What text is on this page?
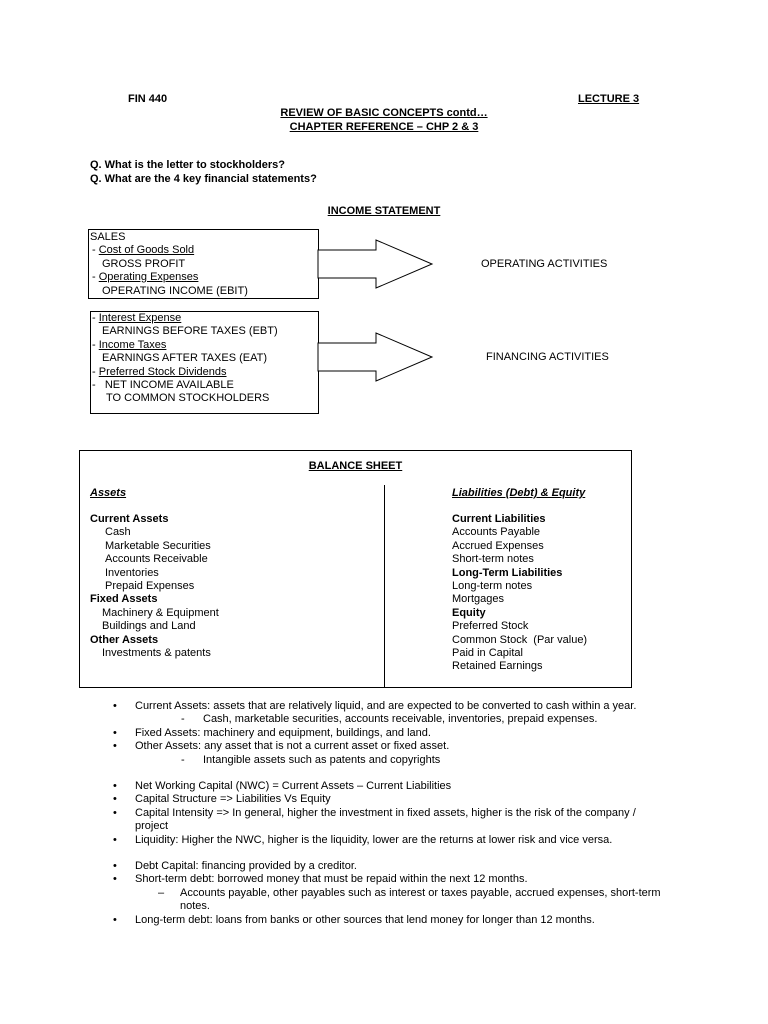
FIN 440	LECTURE 3
REVIEW OF BASIC CONCEPTS contd…
CHAPTER REFERENCE – CHP 2 & 3
Q. What is the letter to stockholders?
Q. What are the 4 key financial statements?
INCOME STATEMENT
SALES
- Cost of Goods Sold
GROSS PROFIT
- Operating Expenses
OPERATING INCOME (EBIT)
- Interest Expense
EARNINGS BEFORE TAXES (EBT)
- Income Taxes
EARNINGS AFTER TAXES (EAT)
- Preferred Stock Dividends
-   NET INCOME AVAILABLE
TO COMMON STOCKHOLDERS
OPERATING ACTIVITIES
FINANCING ACTIVITIES
BALANCE SHEET
Assets	Liabilities (Debt) & Equity
Current Assets
Cash
Marketable Securities
Accounts Receivable
Inventories
Prepaid Expenses
Fixed Assets
Machinery & Equipment
Buildings and Land
Other Assets
Investments & patents
Current Liabilities
Accounts Payable
Accrued Expenses
Short-term notes
Long-Term Liabilities
Long-term notes
Mortgages
Equity
Preferred Stock
Common Stock  (Par value)
Paid in Capital
Retained Earnings
• Current Assets: assets that are relatively liquid, and are expected to be converted to cash within a year.
- Cash, marketable securities, accounts receivable, inventories, prepaid expenses.
• Fixed Assets: machinery and equipment, buildings, and land.
• Other Assets: any asset that is not a current asset or fixed asset.
- Intangible assets such as patents and copyrights
• Net Working Capital (NWC) = Current Assets – Current Liabilities
• Capital Structure => Liabilities Vs Equity
• Capital Intensity => In general, higher the investment in fixed assets, higher is the risk of the company / project
• Liquidity: Higher the NWC, higher is the liquidity, lower are the returns at lower risk and vice versa.
• Debt Capital: financing provided by a creditor.
• Short-term debt: borrowed money that must be repaid within the next 12 months.
– Accounts payable, other payables such as interest or taxes payable, accrued expenses, short-term notes.
• Long-term debt: loans from banks or other sources that lend money for longer than 12 months.
